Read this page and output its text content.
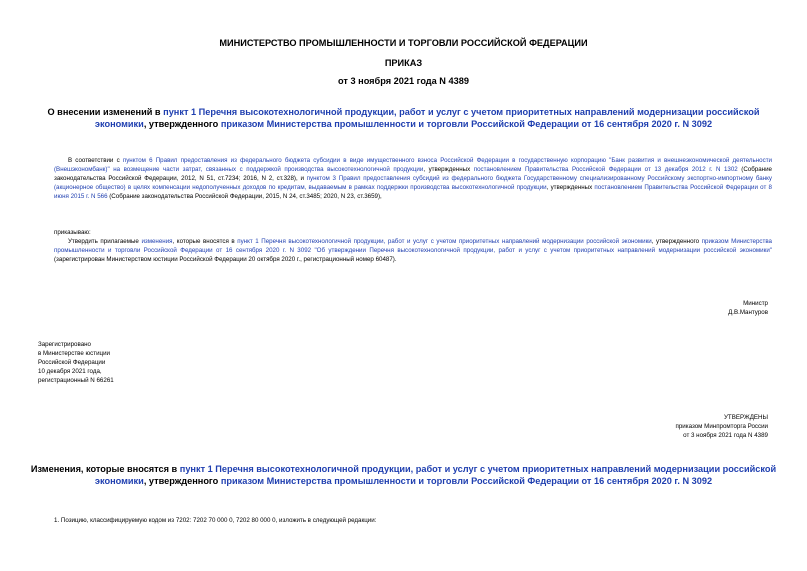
МИНИСТЕРСТВО ПРОМЫШЛЕННОСТИ И ТОРГОВЛИ РОССИЙСКОЙ ФЕДЕРАЦИИ
ПРИКАЗ
от 3 ноября 2021 года N 4389
О внесении изменений в пункт 1 Перечня высокотехнологичной продукции, работ и услуг с учетом приоритетных направлений модернизации российской экономики, утвержденного приказом Министерства промышленности и торговли Российской Федерации от 16 сентября 2020 г. N 3092
В соответствии с пунктом 6 Правил предоставления из федерального бюджета субсидии в виде имущественного взноса Российской Федерации в государственную корпорацию "Банк развития и внешнеэкономической деятельности (Внешэкономбанк)" на возмещение части затрат, связанных с поддержкой производства высокотехнологичной продукции, утвержденных постановлением Правительства Российской Федерации от 13 декабря 2012 г. N 1302 (Собрание законодательства Российской Федерации, 2012, N 51, ст.7234; 2016, N 2, ст.328), и пунктом 3 Правил предоставления субсидий из федерального бюджета Государственному специализированному Российскому экспортно-импортному банку (акционерное общество) в целях компенсации недополученных доходов по кредитам, выдаваемым в рамках поддержки производства высокотехнологичной продукции, утвержденных постановлением Правительства Российской Федерации от 8 июня 2015 г. N 566 (Собрание законодательства Российской Федерации, 2015, N 24, ст.3485; 2020, N 23, ст.3659),
приказываю:
Утвердить прилагаемые изменения, которые вносятся в пункт 1 Перечня высокотехнологичной продукции, работ и услуг с учетом приоритетных направлений модернизации российской экономики, утвержденного приказом Министерства промышленности и торговли Российской Федерации от 16 сентября 2020 г. N 3092 "Об утверждении Перечня высокотехнологичной продукции, работ и услуг с учетом приоритетных направлений модернизации российской экономики" (зарегистрирован Министерством юстиции Российской Федерации 20 октября 2020 г., регистрационный номер 60487).
Министр
Д.В.Мантуров
Зарегистрировано
в Министерстве юстиции
Российской Федерации
10 декабря 2021 года,
регистрационный N 66261
УТВЕРЖДЕНЫ
приказом Минпромторга России
от 3 ноября 2021 года N 4389
Изменения, которые вносятся в пункт 1 Перечня высокотехнологичной продукции, работ и услуг с учетом приоритетных направлений модернизации российской экономики, утвержденного приказом Министерства промышленности и торговли Российской Федерации от 16 сентября 2020 г. N 3092
1. Позицию, классифицируемую кодом из 7202: 7202 70 000 0, 7202 80 000 0, изложить в следующей редакции:
